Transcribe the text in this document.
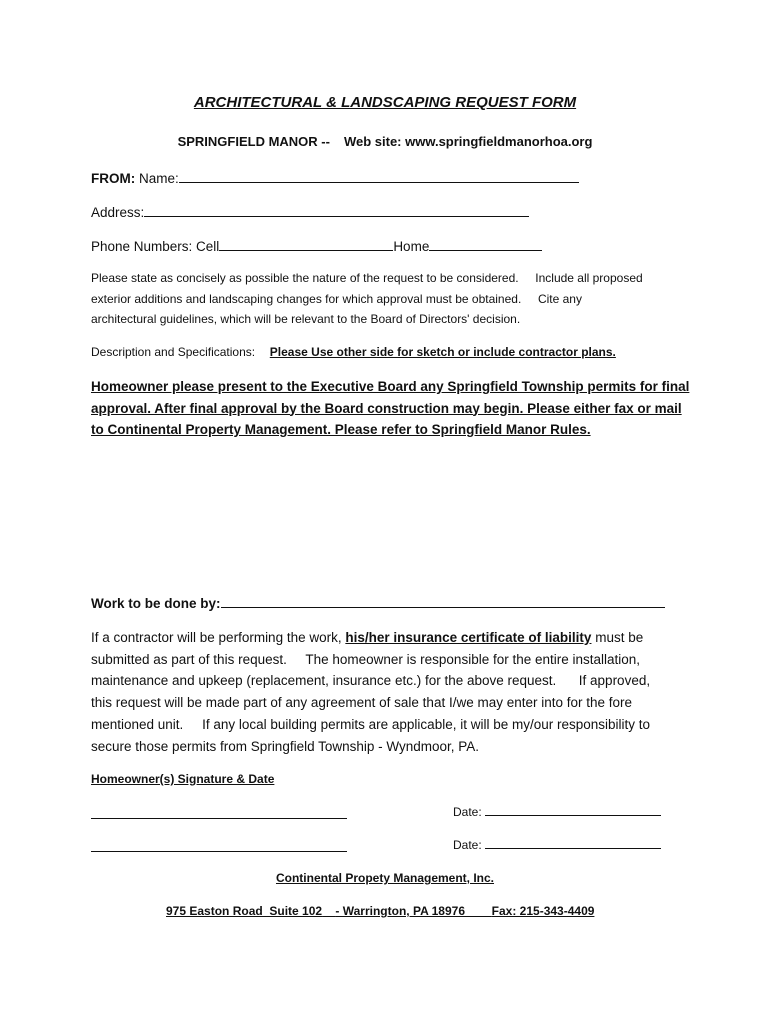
ARCHITECTURAL & LANDSCAPING REQUEST FORM
SPRINGFIELD MANOR -- Web site: www.springfieldmanorhoa.org
FROM: Name:
Address:
Phone Numbers: Cell	Home
Please state as concisely as possible the nature of the request to be considered.     Include all proposed
exterior additions and landscaping changes for which approval must be obtained.     Cite any
architectural guidelines, which will be relevant to the Board of Directors' decision.
Description and Specifications: Please Use other side for sketch or include contractor plans.
Homeowner please present to the Executive Board any Springfield Township permits for final
approval. After final approval by the Board construction may begin. Please either fax or mail
to Continental Property Management. Please refer to Springfield Manor Rules.
Work to be done by:
If a contractor will be performing the work, his/her insurance certificate of liability must be
submitted as part of this request.     The homeowner is responsible for the entire installation,
maintenance and upkeep (replacement, insurance etc.) for the above request.      If approved,
this request will be made part of any agreement of sale that I/we may enter into for the fore
mentioned unit.     If any local building permits are applicable, it will be my/our responsibility to
secure those permits from Springfield Township - Wyndmoor, PA.
Homeowner(s) Signature & Date
Date:
Date:
Continental Propety Management, Inc.
975 Easton Road  Suite 102 - Warrington, PA 18976 Fax: 215-343-4409
